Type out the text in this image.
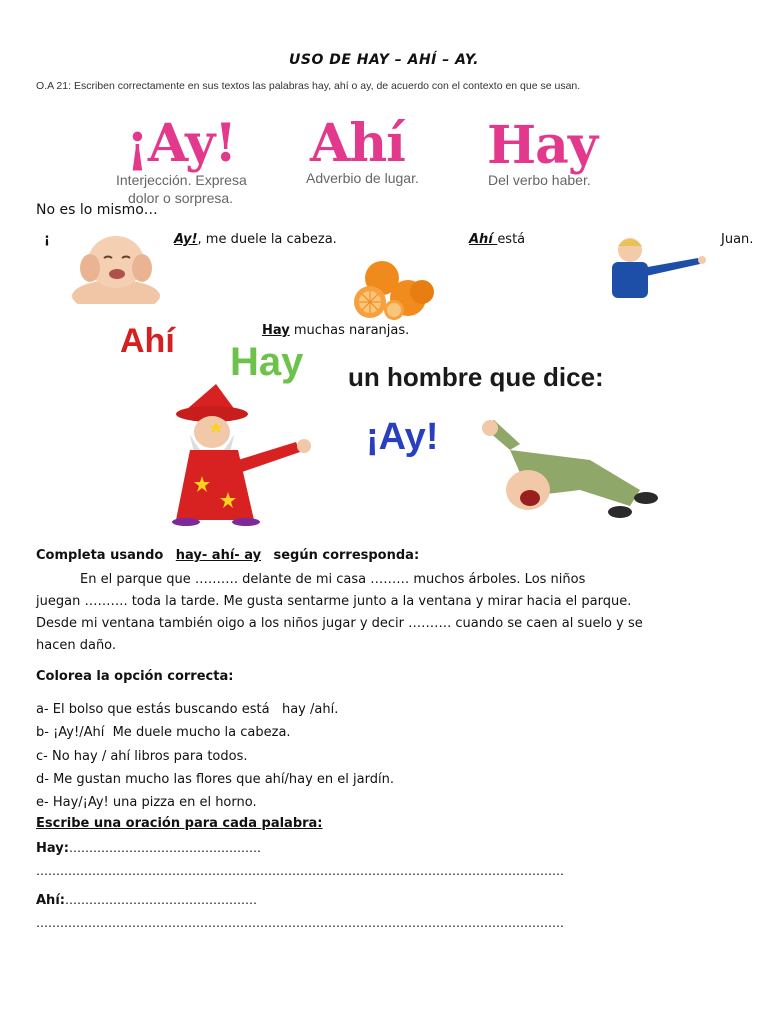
USO DE HAY – AHÍ – AY.
O.A 21: Escriben correctamente en sus textos las palabras hay, ahí o ay, de acuerdo con el contexto en que se usan.
¡Ay!
Interjección. Expresa
dolor o sorpresa.
Ahí
Adverbio de lugar.
Hay
Del verbo haber.
No es lo mismo…
¡	Ay!, me duele la cabeza.	Ahí está	Juan.
Hay muchas naranjas.
Ahí Hay un hombre que dice:
¡Ay!
Completa usando hay- ahí- ay según corresponda:

En el parque que ………. delante de mi casa ……… muchos árboles. Los niños

juegan ………. toda la tarde. Me gusta sentarme junto a la ventana y mirar hacia el parque.

Desde mi ventana también oigo a los niños jugar y decir ………. cuando se caen al suelo y se

hacen daño.

Colorea la opción correcta:
a- El bolso que estás buscando está   hay /ahí.
b- ¡Ay!/Ahí  Me duele mucho la cabeza.
c- No hay / ahí libros para todos.
d- Me gustan mucho las flores que ahí/hay en el jardín.
e- Hay/¡Ay! una pizza en el horno.
Escribe una oración para cada palabra:
Hay:…………………………………………
……………………………………………………………………………………………………………………
Ahí:…………………………………………
……………………………………………………………………………………………………………………
